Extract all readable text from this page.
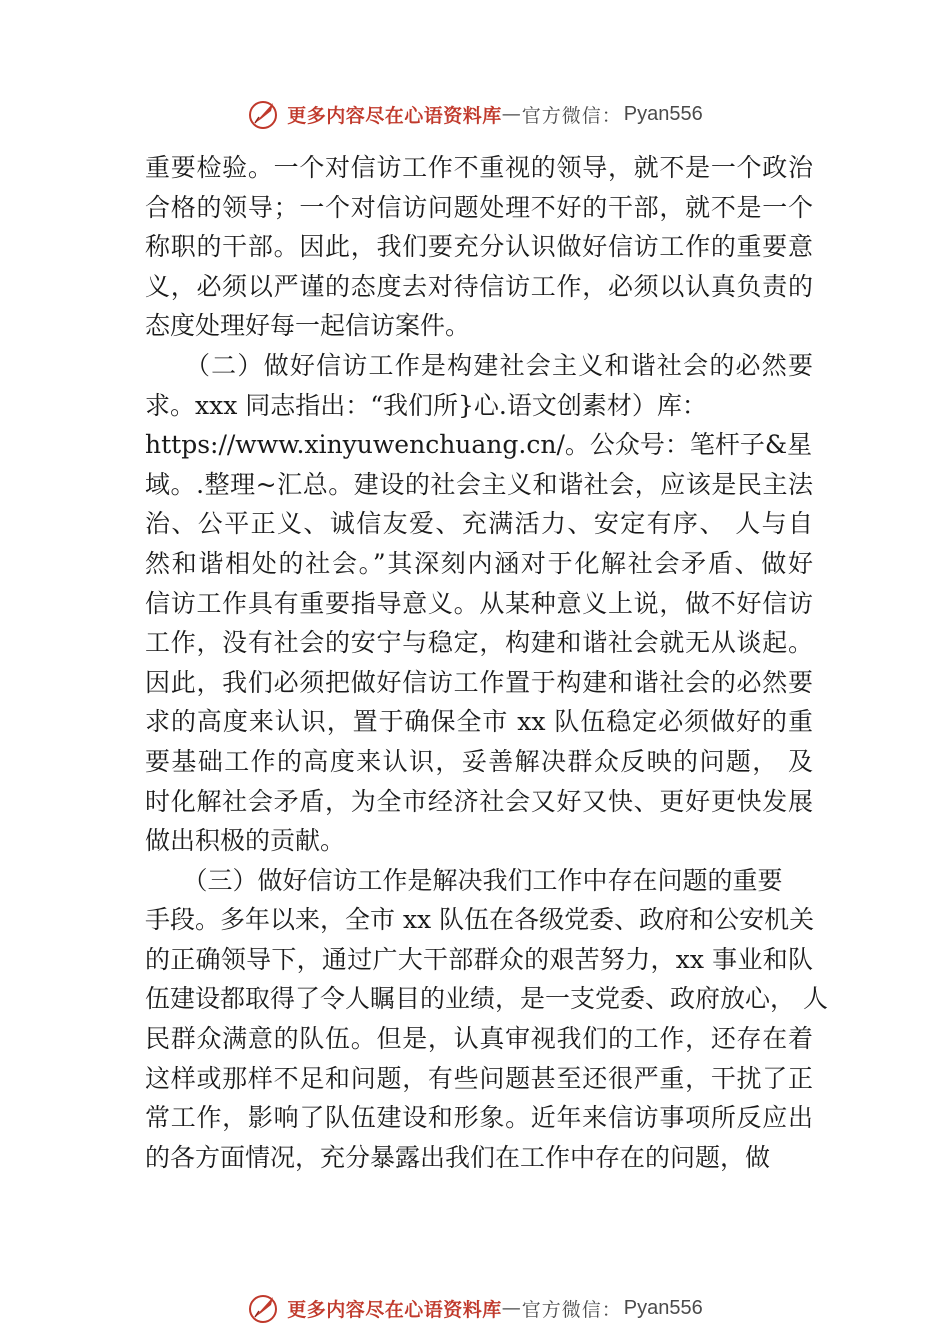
更多内容尽在心语资料库 — 官方微信： Pyan556
重要检验。一个对信访工作不重视的领导，就不是一个政治
合格的领导；一个对信访问题处理不好的干部，就不是一个
称职的干部。因此，我们要充分认识做好信访工作的重要意
义，必须以严谨的态度去对待信访工作，必须以认真负责的
态度处理好每一起信访案件。
　　（二）做好信访工作是构建社会主义和谐社会的必然要
求。xxx 同志指出：“我们所}心.语文创素材）库：
https://www.xinyuwenchuang.cn/。公众号：笔杆子&星
域。.整理~汇总。建设的社会主义和谐社会，应该是民主法
治、公平正义、诚信友爱、充满活力、安定有序、 人与自
然和谐相处的社会。”其深刻内涵对于化解社会矛盾、做好
信访工作具有重要指导意义。从某种意义上说，做不好信访
工作，没有社会的安宁与稳定，构建和谐社会就无从谈起。
因此，我们必须把做好信访工作置于构建和谐社会的必然要
求的高度来认识，置于确保全市 xx 队伍稳定必须做好的重
要基础工作的高度来认识，妥善解决群众反映的问题， 及
时化解社会矛盾，为全市经济社会又好又快、更好更快发展
做出积极的贡献。
　　（三）做好信访工作是解决我们工作中存在问题的重要
手段。多年以来，全市 xx 队伍在各级党委、政府和公安机关
的正确领导下，通过广大干部群众的艰苦努力，xx 事业和队
伍建设都取得了令人瞩目的业绩，是一支党委、政府放心， 人
民群众满意的队伍。但是，认真审视我们的工作，还存在着
这样或那样不足和问题，有些问题甚至还很严重，干扰了正
常工作，影响了队伍建设和形象。近年来信访事项所反应出
的各方面情况，充分暴露出我们在工作中存在的问题，做
更多内容尽在心语资料库 — 官方微信： Pyan556
